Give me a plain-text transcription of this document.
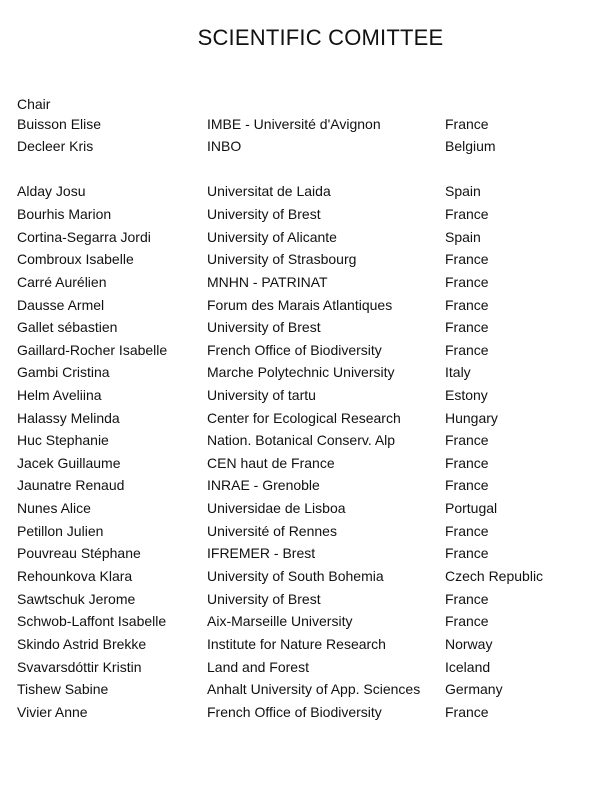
SCIENTIFIC COMITTEE
Chair
Buisson Elise	IMBE - Université d'Avignon	France
Decleer Kris	INBO	Belgium
Alday Josu	Universitat de Laida	Spain
Bourhis Marion	University of Brest	France
Cortina-Segarra Jordi	University of Alicante	Spain
Combroux Isabelle	University of Strasbourg	France
Carré Aurélien	MNHN - PATRINAT	France
Dausse Armel	Forum des Marais Atlantiques	France
Gallet sébastien	University of Brest	France
Gaillard-Rocher Isabelle	French Office of Biodiversity	France
Gambi Cristina	Marche Polytechnic University	Italy
Helm Aveliina	University of tartu	Estony
Halassy Melinda	Center for Ecological Research	Hungary
Huc Stephanie	Nation. Botanical Conserv. Alp	France
Jacek Guillaume	CEN haut de France	France
Jaunatre Renaud	INRAE - Grenoble	France
Nunes Alice	Universidae de Lisboa	Portugal
Petillon Julien	Université of Rennes	France
Pouvreau Stéphane	IFREMER - Brest	France
Rehounkova Klara	University of South Bohemia	Czech Republic
Sawtschuk Jerome	University of Brest	France
Schwob-Laffont Isabelle	Aix-Marseille University	France
Skindo Astrid Brekke	Institute for Nature Research	Norway
Svavarsdóttir Kristin	Land and Forest	Iceland
Tishew Sabine	Anhalt University of App. Sciences	Germany
Vivier Anne	French Office of Biodiversity	France
